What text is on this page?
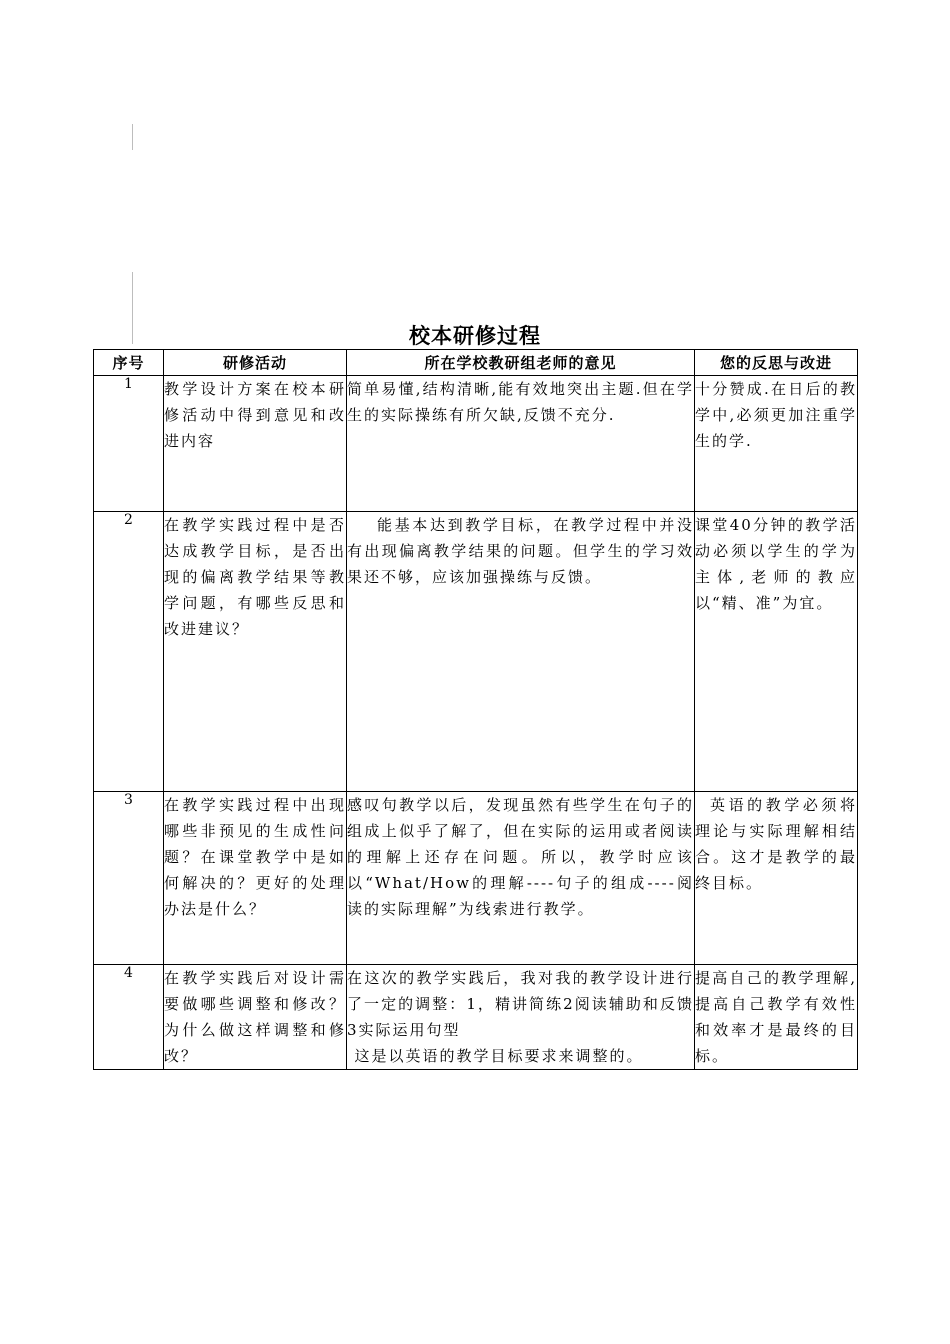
校本研修过程
序号	研修活动	所在学校教研组老师的意见	您的反思与改进
1	教学设计方案在校本研修活动中得到意见和改进内容	简单易懂,结构清晰,能有效地突出主题.但在学生的实际操练有所欠缺,反馈不充分.	十分赞成.在日后的教学中,必须更加注重学生的学.

2	在教学实践过程中是否达成教学目标，是否出现的偏离教学结果等教学问题，有哪些反思和改进建议？	能基本达到教学目标，在教学过程中并没有出现偏离教学结果的问题。但学生的学习效果还不够，应该加强操练与反馈。	课堂40分钟的教学活动必须以学生的学为主体,老师的教应以“精、准”为宜。

3	在教学实践过程中出现哪些非预见的生成性问题？在课堂教学中是如何解决的？更好的处理办法是什么？	感叹句教学以后，发现虽然有些学生在句子的组成上似乎了解了，但在实际的运用或者阅读的理解上还存在问题。所以，教学时应该以“What/How的理解----句子的组成----阅读的实际理解”为线索进行教学。	英语的教学必须将理论与实际理解相结合。这才是教学的最终目标。

4	在教学实践后对设计需要做哪些调整和修改？为什么做这样调整和修改？	在这次的教学实践后，我对我的教学设计进行了一定的调整：1，精讲简练2阅读辅助和反馈3实际运用句型
这是以英语的教学目标要求来调整的。	提高自己的教学理解,提高自己教学有效性和效率才是最终的目标。
